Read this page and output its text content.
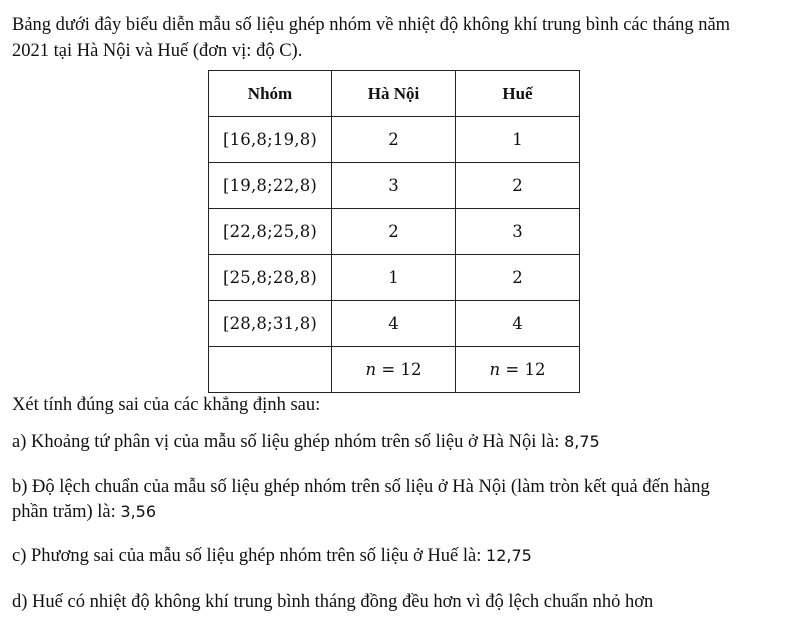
Bảng dưới đây biểu diễn mẫu số liệu ghép nhóm về nhiệt độ không khí trung bình các tháng năm

2021 tại Hà Nội và Huế (đơn vị: độ C).

Nhóm	Hà Nội	Huế
[16,8;19,8)	2	1
[19,8;22,8)	3	2
[22,8;25,8)	2	3
[25,8;28,8)	1	2
[28,8;31,8)	4	4
	n = 12	n = 12

Xét tính đúng sai của các khẳng định sau:

a) Khoảng tứ phân vị của mẫu số liệu ghép nhóm trên số liệu ở Hà Nội là: 8,75

b) Độ lệch chuẩn của mẫu số liệu ghép nhóm trên số liệu ở Hà Nội (làm tròn kết quả đến hàng

phần trăm) là: 3,56

c) Phương sai của mẫu số liệu ghép nhóm trên số liệu ở Huế là: 12,75

d) Huế có nhiệt độ không khí trung bình tháng đồng đều hơn vì độ lệch chuẩn nhỏ hơn
